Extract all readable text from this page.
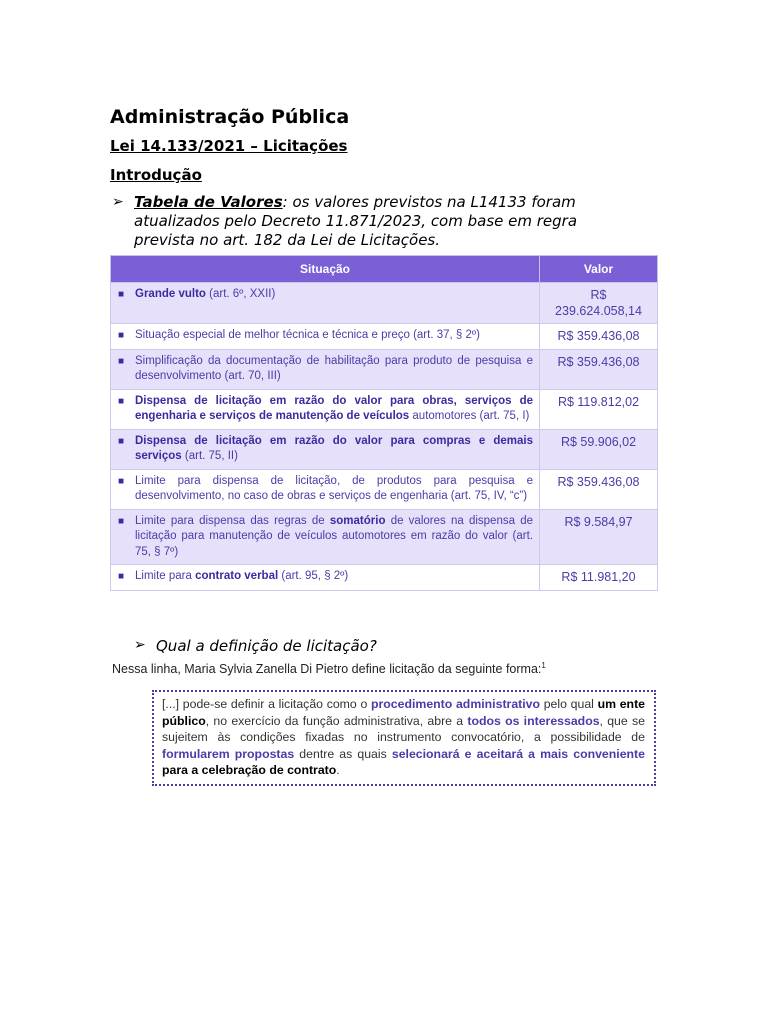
Administração Pública
Lei 14.133/2021 – Licitações
Introdução
➢ Tabela de Valores: os valores previstos na L14133 foram atualizados pelo Decreto 11.871/2023, com base em regra prevista no art. 182 da Lei de Licitações.
Situação	Valor

■ Grande vulto (art. 6º, XXII)	R$ 239.624.058,14

■ Situação especial de melhor técnica e técnica e preço (art. 37, § 2º)	R$ 359.436,08

■ Simplificação da documentação de habilitação para produto de pesquisa e desenvolvimento (art. 70, III)	R$ 359.436,08

■ Dispensa de licitação em razão do valor para obras, serviços de engenharia e serviços de manutenção de veículos automotores (art. 75, I)	R$ 119.812,02

■ Dispensa de licitação em razão do valor para compras e demais serviços (art. 75, II)	R$ 59.906,02

■ Limite para dispensa de licitação, de produtos para pesquisa e desenvolvimento, no caso de obras e serviços de engenharia (art. 75, IV, “c”)	R$ 359.436,08

■ Limite para dispensa das regras de somatório de valores na dispensa de licitação para manutenção de veículos automotores em razão do valor (art. 75, § 7º)	R$ 9.584,97

■ Limite para contrato verbal (art. 95, § 2º)	R$ 11.981,20
➢ Qual a definição de licitação?
Nessa linha, Maria Sylvia Zanella Di Pietro define licitação da seguinte forma:$^1$
[...] pode-se definir a licitação como o procedimento administrativo pelo qual um ente público, no exercício da função administrativa, abre a todos os interessados, que se sujeitem às condições fixadas no instrumento convocatório, a possibilidade de formularem propostas dentre as quais selecionará e aceitará a mais conveniente para a celebração de contrato.
